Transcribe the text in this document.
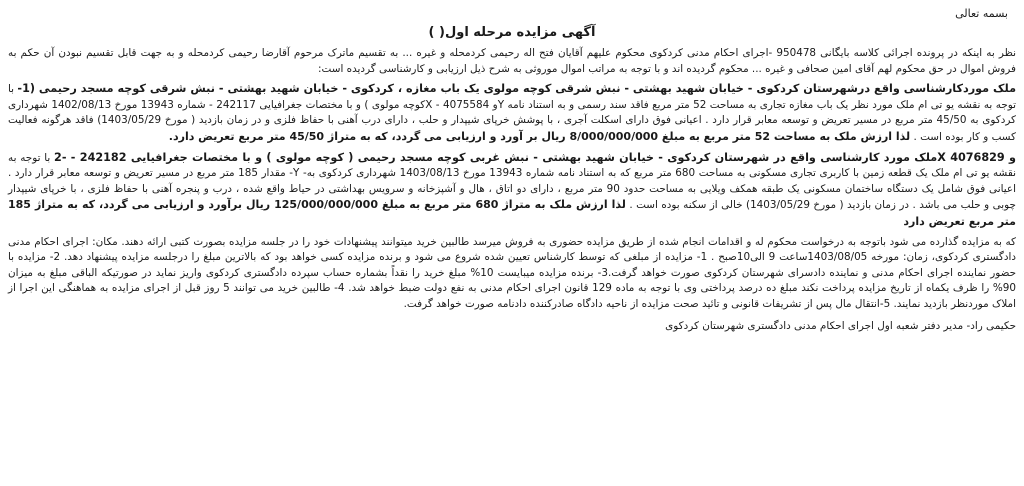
بسمه تعالی
آگهی مزایده مرحله اول( )

نظر به اینکه در پرونده اجرائی کلاسه بایگانی 950478 -اجرای احکام مدنی کردکوی محکوم علیهم آقایان فتح اله رحیمی کردمحله و غیره ... به تقسیم ماترک مرحوم آقارضا رحیمی کردمحله و به جهت قابل تقسیم نبودن آن حکم به فروش اموال در حق محکوم لهم آقای امین صحافی و غیره ... محکوم گردیده اند و با توجه به مراتب اموال موروثی به شرح ذیل ارزیابی و کارشناسی گردیده است:

ملک موردکارشناسی واقع درشهرستان کردکوی - خیابان شهید بهشتی - نبش شرقی کوچه مولوی یک باب مغازه ، کردکوی - خیابان شهید بهشتی - نبش شرقی کوچه مسجد رحیمی (1- با توجه به نقشه یو تی ام ملک مورد نظر یک باب مغازه تجاری به مساحت 52 متر مربع فاقد سند رسمی و به استناد نامه Yو 4075584 - Xکوچه مولوی ) و با مختصات جغرافیایی 242117 - شماره 13943 مورخ 1402/08/13 شهرداری کردکوی به 45/50 متر مربع در مسیر تعریض و توسعه معابر قرار دارد . اعیانی فوق دارای اسکلت آجری ، با پوشش خرپای شیپدار و حلب ، دارای درب آهنی با حفاظ فلزی و در زمان بازدید ( مورخ 1403/05/29) فاقد هرگونه فعالیت کسب و کار بوده است . لذا ارزش ملک به مساحت 52 متر مربع به مبلغ 8/000/000/000 ریال بر آورد و ارزیابی می گردد، که به متراژ 45/50 متر مربع تعریض دارد.

و 4076829 Xملک مورد کارشناسی واقع در شهرستان کردکوی - خیابان شهید بهشتی - نبش غربی کوچه مسجد رحیمی ( کوچه مولوی ) و با مختصات جغرافیایی 242182 - -2 با توجه به نقشه یو تی ام ملک یک قطعه زمین با کاربری تجاری مسکونی به مساحت 680 متر مربع که به استناد نامه شماره 13943 مورخ 1403/08/13 شهرداری کردکوی به- Y- مقدار 185 متر مربع در مسیر تعریض و توسعه معابر قرار دارد . اعیانی فوق شامل یک دستگاه ساختمان مسکونی یک طبقه همکف ویلایی به مساحت حدود 90 متر مربع ، دارای دو اتاق ، هال و آشپزخانه و سرویس بهداشتی در حیاط واقع شده ، درب و پنجره آهنی با حفاظ فلزی ، با خرپای شیپدار چوبی و حلب می باشد . در زمان بازدید ( مورخ 1403/05/29) خالی از سکنه بوده است . لذا ارزش ملک به متراژ 680 متر مربع به مبلغ 125/000/000/000 ریال برآورد و ارزیابی می گردد، که به متراژ 185 متر مربع تعریض دارد

که به مزایده گذارده می شود باتوجه به درخواست محکوم له و اقدامات انجام شده از طریق مزایده حضوری به فروش میرسد طالبین خرید میتوانند پیشنهادات خود را در جلسه مزایده بصورت کتبی ارائه دهند. مکان: اجرای احکام مدنی دادگستری کردکوی، زمان: مورخه 1403/08/05ساعت 9 الی10صبح . 1- مزایده از مبلغی که توسط کارشناس تعیین شده شروع می شود و برنده مزایده کسی خواهد بود که بالاترین مبلغ را درجلسه مزایده پیشنهاد دهد. 2- مزایده با حضور نماینده اجرای احکام مدنی و نماینده دادسرای شهرستان کردکوی صورت خواهد گرفت.3- برنده مزایده میبایست 10% مبلغ خرید را نقداً بشماره حساب سپرده دادگستری کردکوی واریز نماید در صورتیکه الباقی مبلغ به میزان 90% را ظرف یکماه از تاریخ مزایده پرداخت نکند مبلغ ده درصد پرداختی وی با توجه به ماده 129 قانون اجرای احکام مدنی به نفع دولت ضبط خواهد شد. 4- طالبین خرید می توانند 5 روز قبل از اجرای مزایده به هماهنگی این اجرا از املاک موردنظر بازدید نمایند. 5-انتقال مال پس از تشریفات قانونی و تائید صحت مزایده از ناحیه دادگاه صادرکننده دادنامه صورت خواهد گرفت.

حکیمی راد- مدیر دفتر شعبه اول اجرای احکام مدنی دادگستری شهرستان کردکوی
